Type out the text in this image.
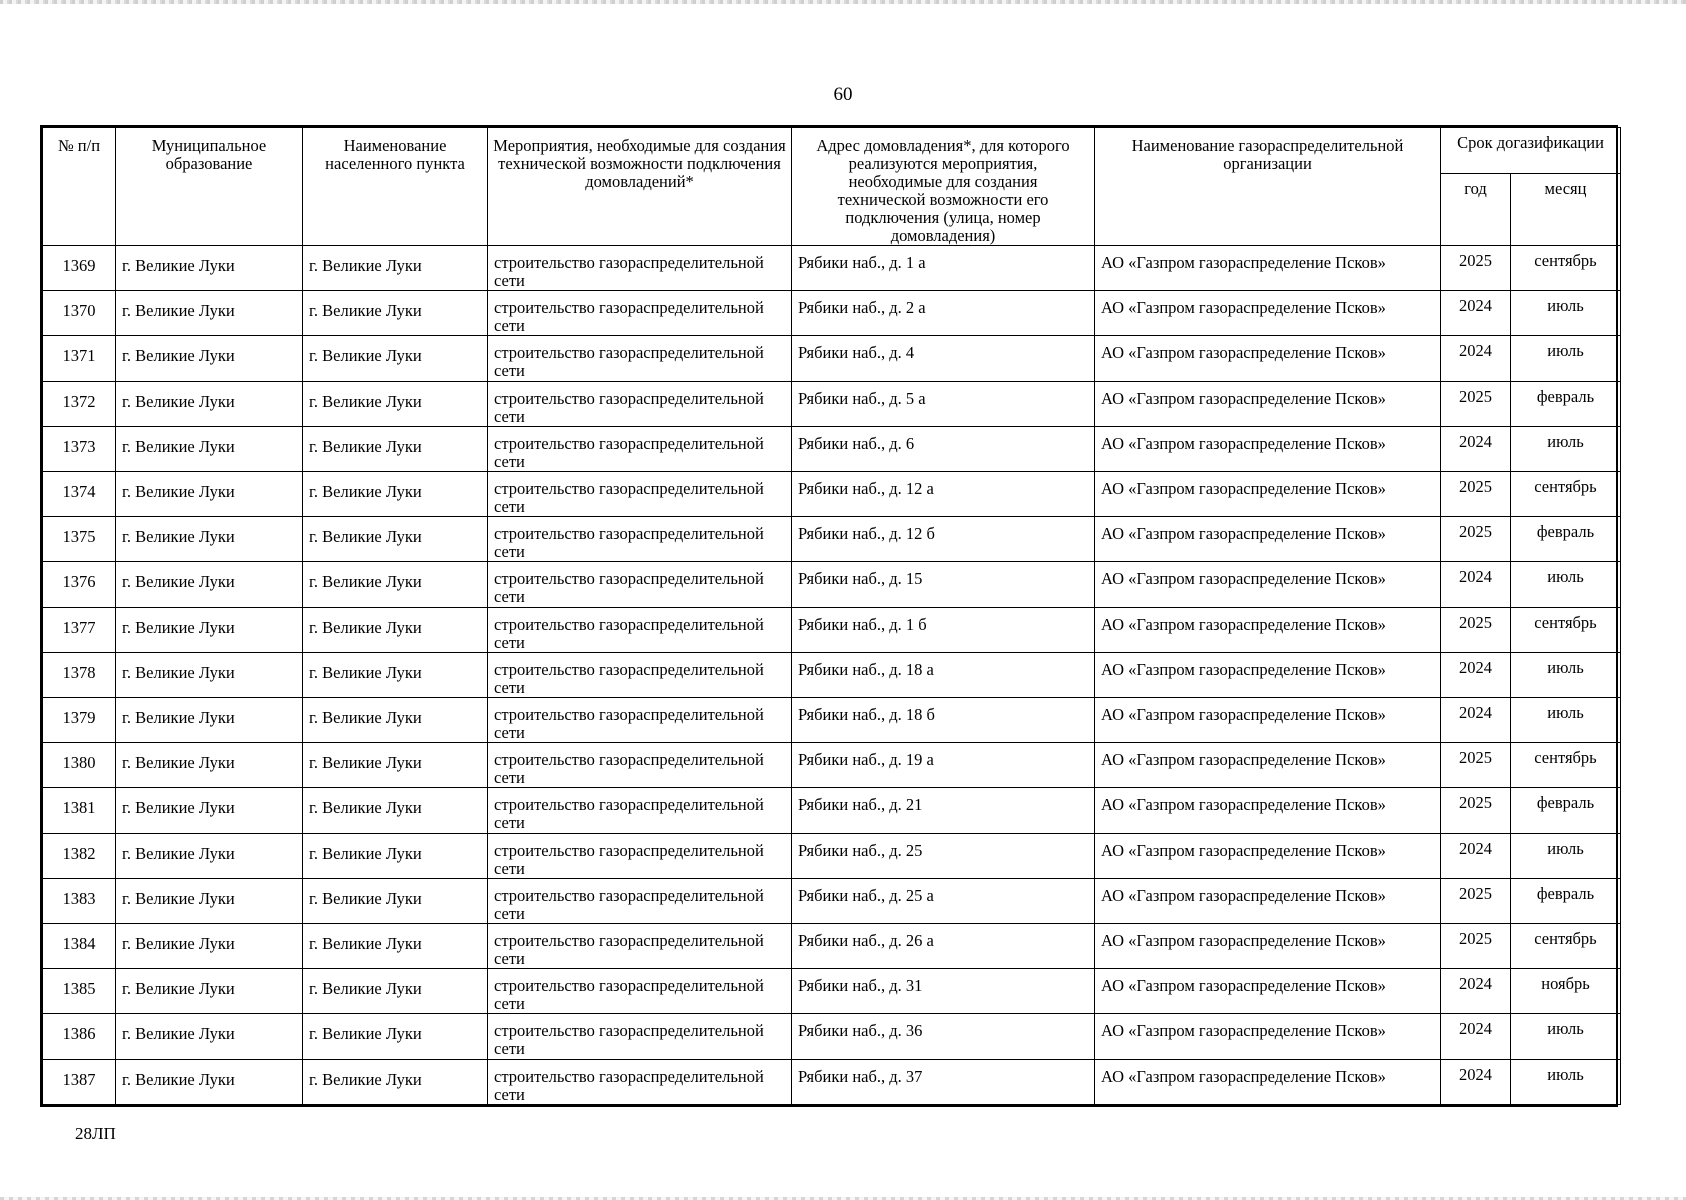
60
№ п/п	Муниципальное образование	Наименование населенного пункта	Мероприятия, необходимые для создания технической возможности подключения домовладений*	Адрес домовладения*, для которого реализуются мероприятия, необходимые для создания технической возможности его подключения (улица, номер домовладения)	Наименование газораспределительной организации	Срок догазификации	
						год	месяц
1369	г. Великие Луки	г. Великие Луки	строительство газораспределительной сети	Рябики наб., д. 1 а	АО «Газпром газораспределение Псков»	2025	сентябрь
1370	г. Великие Луки	г. Великие Луки	строительство газораспределительной сети	Рябики наб., д. 2 а	АО «Газпром газораспределение Псков»	2024	июль
1371	г. Великие Луки	г. Великие Луки	строительство газораспределительной сети	Рябики наб., д. 4	АО «Газпром газораспределение Псков»	2024	июль
1372	г. Великие Луки	г. Великие Луки	строительство газораспределительной сети	Рябики наб., д. 5 а	АО «Газпром газораспределение Псков»	2025	февраль
1373	г. Великие Луки	г. Великие Луки	строительство газораспределительной сети	Рябики наб., д. 6	АО «Газпром газораспределение Псков»	2024	июль
1374	г. Великие Луки	г. Великие Луки	строительство газораспределительной сети	Рябики наб., д. 12 а	АО «Газпром газораспределение Псков»	2025	сентябрь
1375	г. Великие Луки	г. Великие Луки	строительство газораспределительной сети	Рябики наб., д. 12 б	АО «Газпром газораспределение Псков»	2025	февраль
1376	г. Великие Луки	г. Великие Луки	строительство газораспределительной сети	Рябики наб., д. 15	АО «Газпром газораспределение Псков»	2024	июль
1377	г. Великие Луки	г. Великие Луки	строительство газораспределительной сети	Рябики наб., д. 1 б	АО «Газпром газораспределение Псков»	2025	сентябрь
1378	г. Великие Луки	г. Великие Луки	строительство газораспределительной сети	Рябики наб., д. 18 а	АО «Газпром газораспределение Псков»	2024	июль
1379	г. Великие Луки	г. Великие Луки	строительство газораспределительной сети	Рябики наб., д. 18 б	АО «Газпром газораспределение Псков»	2024	июль
1380	г. Великие Луки	г. Великие Луки	строительство газораспределительной сети	Рябики наб., д. 19 а	АО «Газпром газораспределение Псков»	2025	сентябрь
1381	г. Великие Луки	г. Великие Луки	строительство газораспределительной сети	Рябики наб., д. 21	АО «Газпром газораспределение Псков»	2025	февраль
1382	г. Великие Луки	г. Великие Луки	строительство газораспределительной сети	Рябики наб., д. 25	АО «Газпром газораспределение Псков»	2024	июль
1383	г. Великие Луки	г. Великие Луки	строительство газораспределительной сети	Рябики наб., д. 25 а	АО «Газпром газораспределение Псков»	2025	февраль
1384	г. Великие Луки	г. Великие Луки	строительство газораспределительной сети	Рябики наб., д. 26 а	АО «Газпром газораспределение Псков»	2025	сентябрь
1385	г. Великие Луки	г. Великие Луки	строительство газораспределительной сети	Рябики наб., д. 31	АО «Газпром газораспределение Псков»	2024	ноябрь
1386	г. Великие Луки	г. Великие Луки	строительство газораспределительной сети	Рябики наб., д. 36	АО «Газпром газораспределение Псков»	2024	июль
1387	г. Великие Луки	г. Великие Луки	строительство газораспределительной сети	Рябики наб., д. 37	АО «Газпром газораспределение Псков»	2024	июль
28ЛП
